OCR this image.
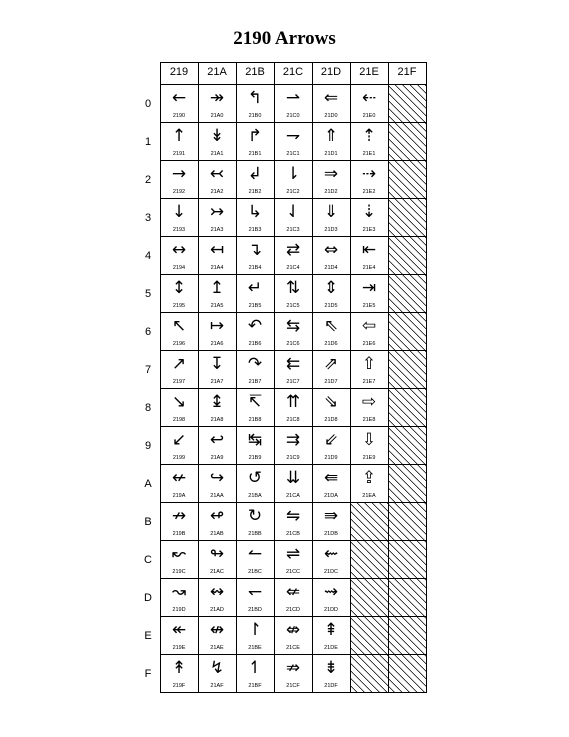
2190 Arrows
219	21A	21B	21C	21D	21E	21F
0
1
2
3
4
5
6
7
8
9
A
B
C
D
E
F
←
2190
↠
21A0
↰
21B0
⇀
21C0
⇐
21D0
⇠
21E0
↑
2191
↡
21A1
↱
21B1
⇁
21C1
⇑
21D1
⇡
21E1
→
2192
↢
21A2
↲
21B2
⇂
21C2
⇒
21D2
⇢
21E2
↓
2193
↣
21A3
↳
21B3
⇃
21C3
⇓
21D3
⇣
21E3
↔
2194
↤
21A4
↴
21B4
⇄
21C4
⇔
21D4
⇤
21E4
↕
2195
↥
21A5
↵
21B5
⇅
21C5
⇕
21D5
⇥
21E5
↖
2196
↦
21A6
↶
21B6
⇆
21C6
⇖
21D6
⇦
21E6
↗
2197
↧
21A7
↷
21B7
⇇
21C7
⇗
21D7
⇧
21E7
↘
2198
↨
21A8
↸
21B8
⇈
21C8
⇘
21D8
⇨
21E8
↙
2199
↩
21A9
↹
21B9
⇉
21C9
⇙
21D9
⇩
21E9
↚
219A
↪
21AA
↺
21BA
⇊
21CA
⇚
21DA
⇪
21EA
↛
219B
↫
21AB
↻
21BB
⇋
21CB
⇛
21DB
↜
219C
↬
21AC
↼
21BC
⇌
21CC
⇜
21DC
↝
219D
↭
21AD
↽
21BD
⇍
21CD
⇝
21DD
↞
219E
↮
21AE
↾
21BE
⇎
21CE
⇞
21DE
↟
219F
↯
21AF
↿
21BF
⇏
21CF
⇟
21DF
